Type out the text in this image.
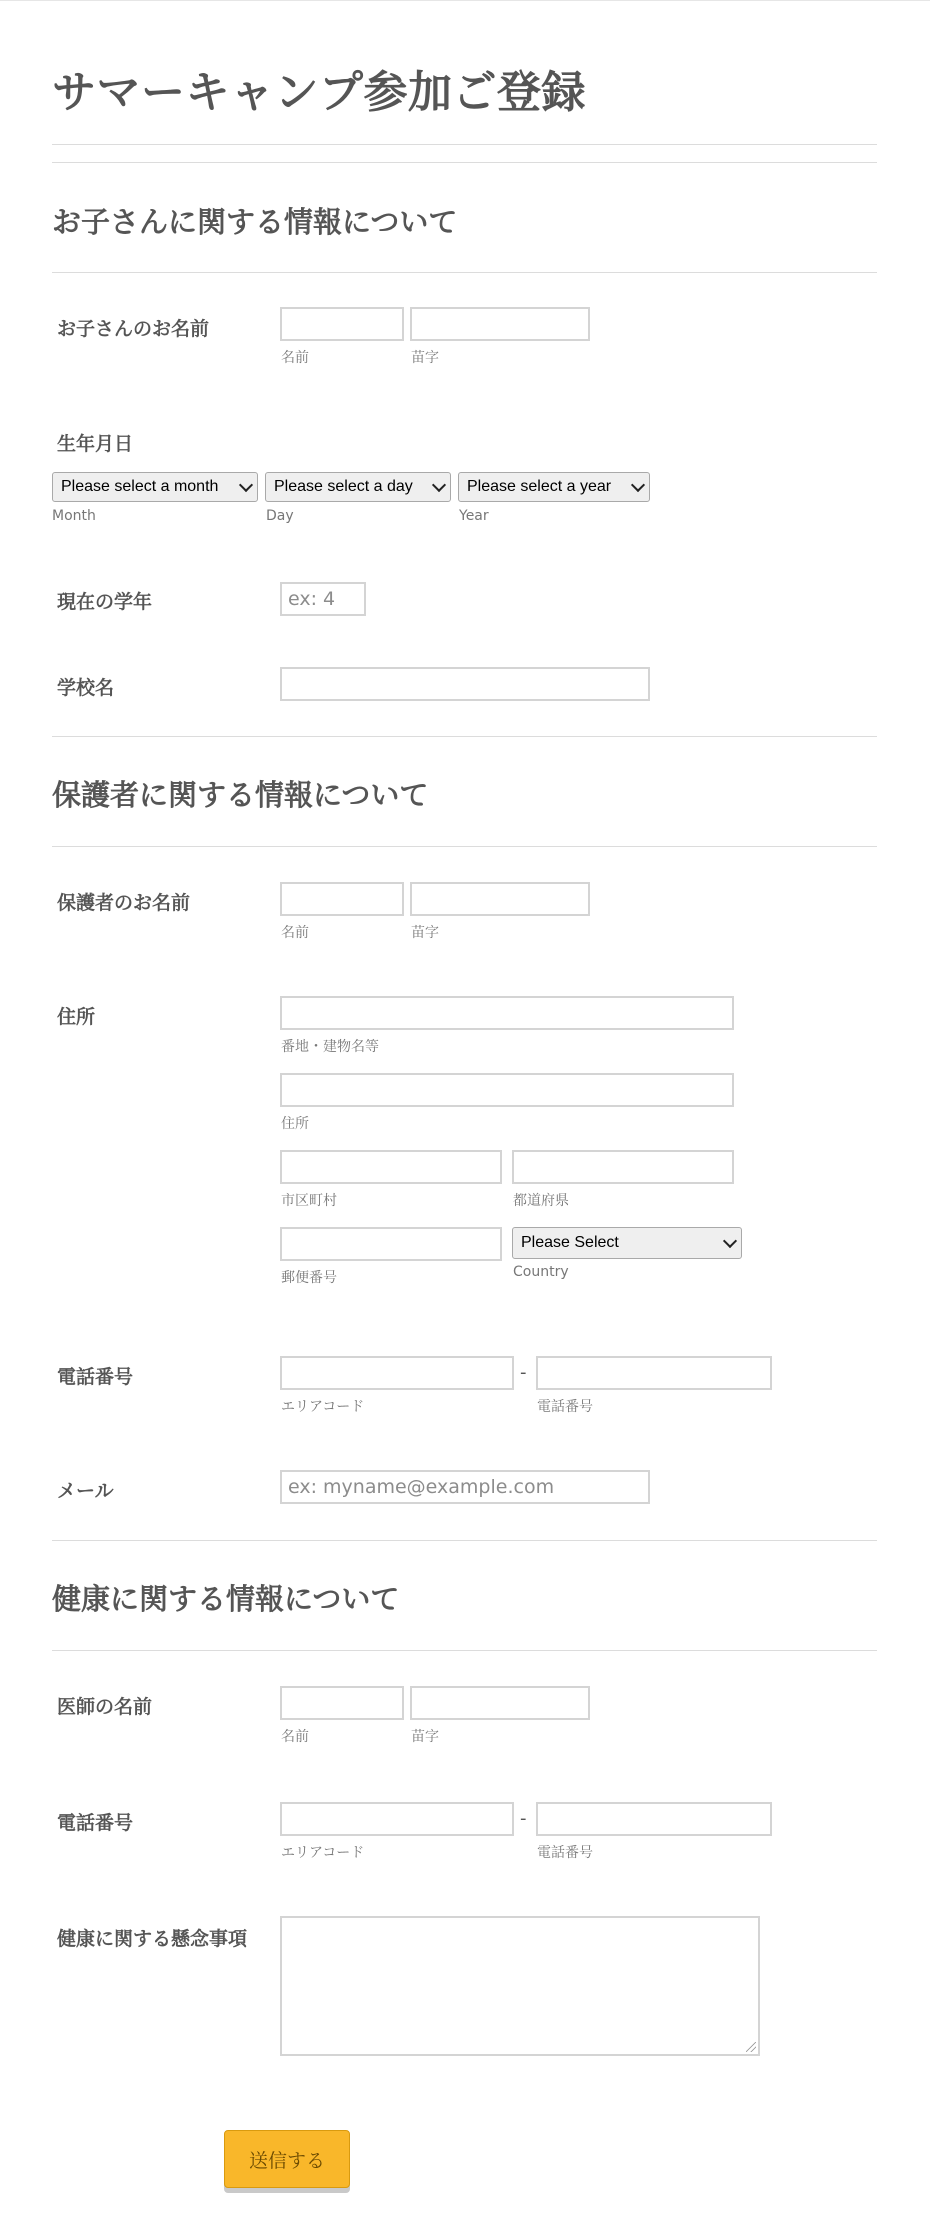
サマーキャンプ参加ご登録
お子さんに関する情報について
お子さんのお名前
名前	苗字
生年月日
Please select a month	Please select a day	Please select a year
Month	Day	Year
現在の学年
ex: 4
学校名
保護者に関する情報について
保護者のお名前
名前	苗字
住所
番地・建物名等
住所
市区町村	都道府県
Please Select
郵便番号	Country
電話番号	-
エリアコード	電話番号
メール
ex: myname@example.com
健康に関する情報について
医師の名前
名前	苗字
電話番号	-
エリアコード	電話番号
健康に関する懸念事項
送信する
